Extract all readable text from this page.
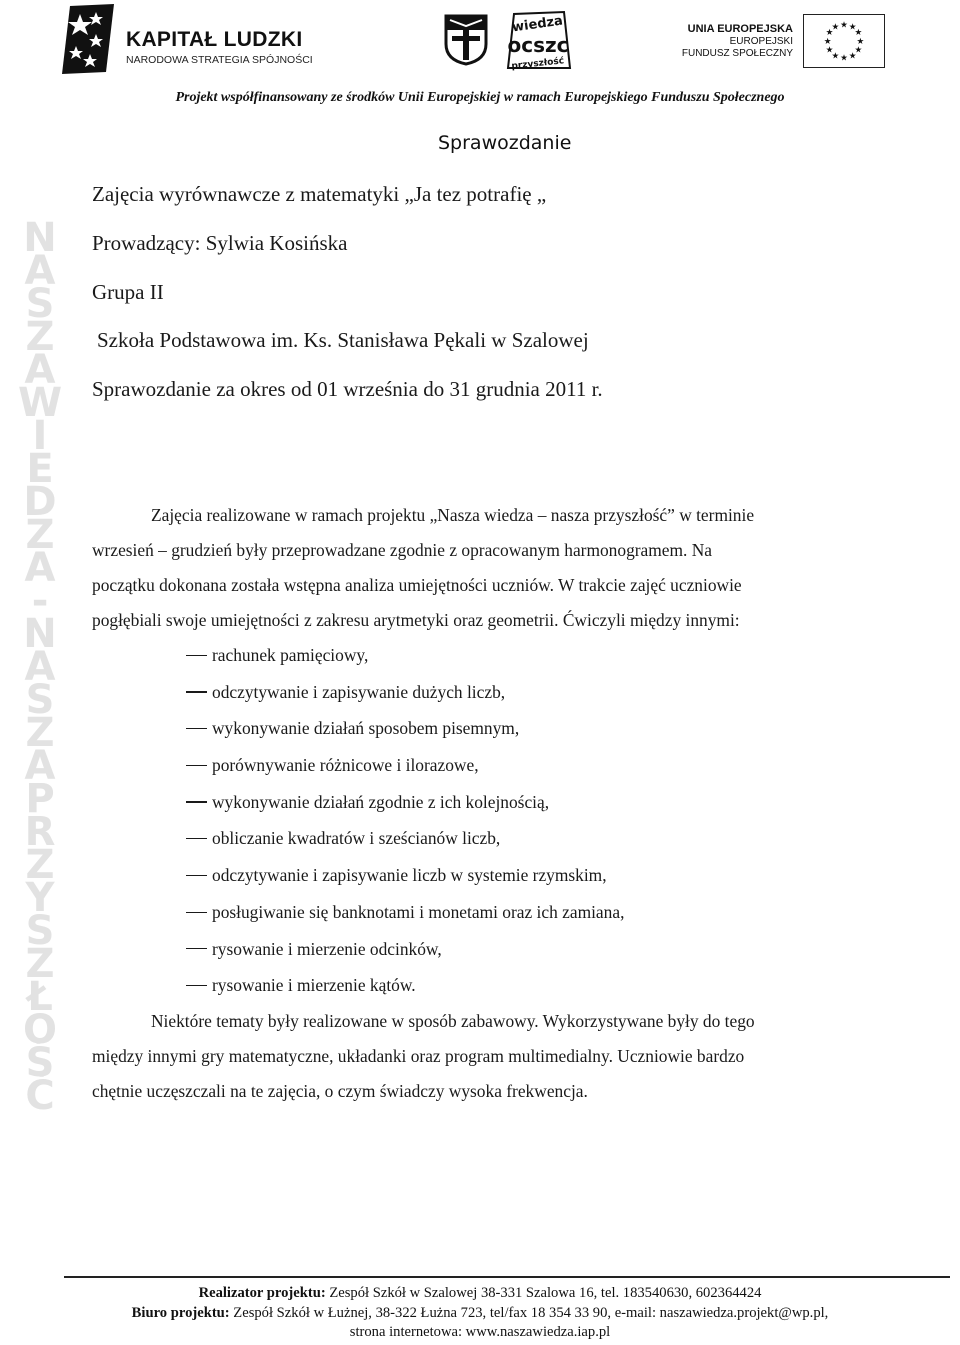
KAPITAŁ LUDZKI
NARODOWA STRATEGIA SPÓJNOŚCI
wiedza
ocszc
przyszłość
UNIA EUROPEJSKA
EUROPEJSKI
FUNDUSZ SPOŁECZNY
★ ★
★
★
★
★
★
★
★
★
★
★
Projekt współfinansowany ze środków Unii Europejskiej w ramach Europejskiego Funduszu Społecznego
N
A
S
Z
A
W
I
E
D
Z
A
-
N
A
S
Z
A
P
R
Z
Y
S
Z
Ł
O
Ś
Ć
Sprawozdanie
Zajęcia wyrównawcze z matematyki „Ja tez potrafię „
Prowadzący: Sylwia Kosińska
Grupa II
Szkoła Podstawowa im. Ks. Stanisława Pękali w Szalowej
Sprawozdanie za okres od 01 września do 31 grudnia 2011 r.

Zajęcia realizowane w ramach projektu „Nasza wiedza – nasza przyszłość” w terminie

wrzesień – grudzień były przeprowadzane zgodnie z opracowanym harmonogramem. Na

początku dokonana została wstępna analiza umiejętności uczniów. W trakcie zajęć uczniowie

pogłębiali swoje umiejętności z zakresu arytmetyki oraz geometrii. Ćwiczyli między innymi:

rachunek pamięciowy,
odczytywanie i zapisywanie dużych liczb,
wykonywanie działań sposobem pisemnym,
porównywanie różnicowe i ilorazowe,
wykonywanie działań zgodnie z ich kolejnością,
obliczanie kwadratów i sześcianów liczb,
odczytywanie i zapisywanie liczb w systemie rzymskim,
posługiwanie się banknotami i monetami oraz ich zamiana,
rysowanie i mierzenie odcinków,
rysowanie i mierzenie kątów.

Niektóre tematy były realizowane w sposób zabawowy. Wykorzystywane były do tego

między innymi gry matematyczne, układanki oraz program multimedialny. Uczniowie bardzo

chętnie uczęszczali na te zajęcia, o czym świadczy wysoka frekwencja.

Realizator projektu: Zespół Szkół w Szalowej 38-331 Szalowa 16, tel. 183540630, 602364424
Biuro projektu: Zespół Szkół w Łużnej, 38-322 Łużna 723, tel/fax 18 354 33 90, e-mail: naszawiedza.projekt@wp.pl,
strona internetowa: www.naszawiedza.iap.pl
